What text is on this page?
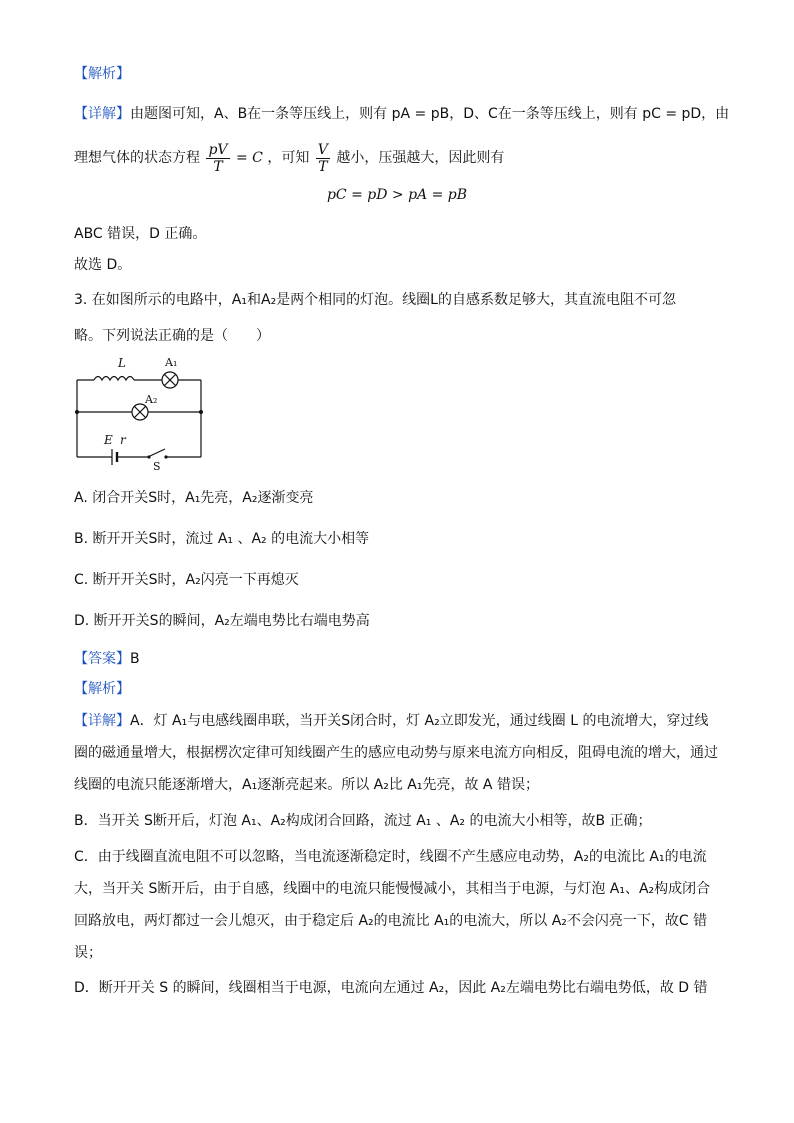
【解析】
【详解】由题图可知，A、B在一条等压线上，则有 pA = pB，D、C在一条等压线上，则有 pC = pD，由
理想气体的状态方程 $\frac{pV}{T} = C$ ，可知 $\frac{V}{T}$ 越小，压强越大，因此则有
pC = pD > pA = pB
ABC 错误，D 正确。
故选 D。
3. 在如图所示的电路中，A₁和A₂是两个相同的灯泡。线圈L的自感系数足够大，其直流电阻不可忽
略。下列说法正确的是（　　）
L	A₁
A₂
E r
S
A. 闭合开关S时，A₁先亮，A₂逐渐变亮
B. 断开开关S时，流过 A₁ 、A₂ 的电流大小相等
C. 断开开关S时，A₂闪亮一下再熄灭
D. 断开开关S的瞬间，A₂左端电势比右端电势高
【答案】B
【解析】
【详解】A．灯 A₁与电感线圈串联，当开关S闭合时，灯 A₂立即发光，通过线圈 L 的电流增大，穿过线
圈的磁通量增大，根据楞次定律可知线圈产生的感应电动势与原来电流方向相反，阻碍电流的增大，通过
线圈的电流只能逐渐增大，A₁逐渐亮起来。所以 A₂比 A₁先亮，故 A 错误；
B．当开关 S断开后，灯泡 A₁、A₂构成闭合回路，流过 A₁ 、A₂ 的电流大小相等，故B 正确；
C．由于线圈直流电阻不可以忽略，当电流逐渐稳定时，线圈不产生感应电动势，A₂的电流比 A₁的电流
大，当开关 S断开后，由于自感，线圈中的电流只能慢慢减小，其相当于电源，与灯泡 A₁、A₂构成闭合
回路放电，两灯都过一会儿熄灭，由于稳定后 A₂的电流比 A₁的电流大，所以 A₂不会闪亮一下，故C 错
误；
D．断开开关 S 的瞬间，线圈相当于电源，电流向左通过 A₂，因此 A₂左端电势比右端电势低，故 D 错
